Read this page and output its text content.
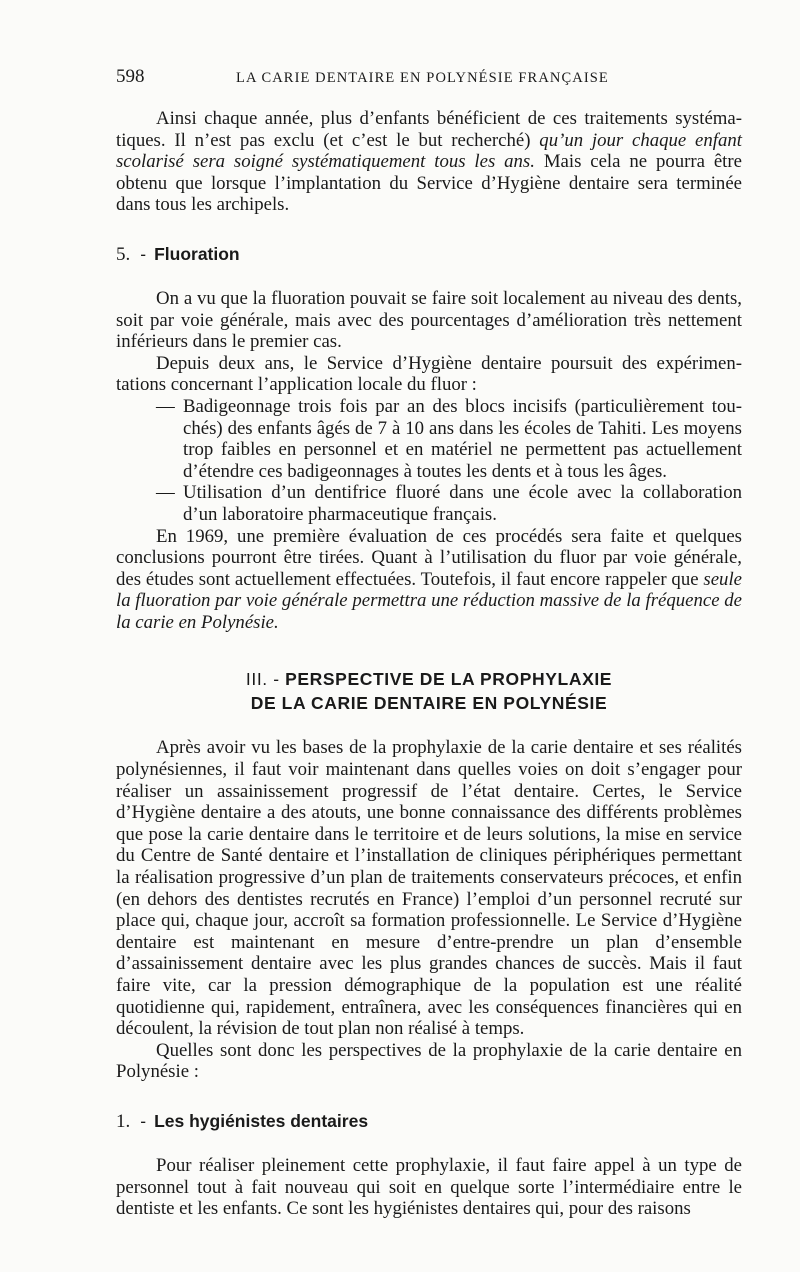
598	LA CARIE DENTAIRE EN POLYNÉSIE FRANÇAISE

Ainsi chaque année, plus d’enfants bénéficient de ces traitements systéma-tiques. Il n’est pas exclu (et c’est le but recherché) qu’un jour chaque enfant scolarisé sera soigné systématiquement tous les ans. Mais cela ne pourra être obtenu que lorsque l’implantation du Service d’Hygiène dentaire sera terminée dans tous les archipels.

5. - Fluoration

On a vu que la fluoration pouvait se faire soit localement au niveau des dents, soit par voie générale, mais avec des pourcentages d’amélioration très nettement inférieurs dans le premier cas.

Depuis deux ans, le Service d’Hygiène dentaire poursuit des expérimen-tations concernant l’application locale du fluor :

— Badigeonnage trois fois par an des blocs incisifs (particulièrement tou-chés) des enfants âgés de 7 à 10 ans dans les écoles de Tahiti. Les moyens trop faibles en personnel et en matériel ne permettent pas actuellement d’étendre ces badigeonnages à toutes les dents et à tous les âges.
— Utilisation d’un dentifrice fluoré dans une école avec la collaboration d’un laboratoire pharmaceutique français.

En 1969, une première évaluation de ces procédés sera faite et quelques conclusions pourront être tirées. Quant à l’utilisation du fluor par voie générale, des études sont actuellement effectuées. Toutefois, il faut encore rappeler que seule la fluoration par voie générale permettra une réduction massive de la fréquence de la carie en Polynésie.

III. - PERSPECTIVE DE LA PROPHYLAXIE
DE LA CARIE DENTAIRE EN POLYNÉSIE

Après avoir vu les bases de la prophylaxie de la carie dentaire et ses réalités polynésiennes, il faut voir maintenant dans quelles voies on doit s’engager pour réaliser un assainissement progressif de l’état dentaire. Certes, le Service d’Hygiène dentaire a des atouts, une bonne connaissance des différents problèmes que pose la carie dentaire dans le territoire et de leurs solutions, la mise en service du Centre de Santé dentaire et l’installation de cliniques périphériques permettant la réalisation progressive d’un plan de traitements conservateurs précoces, et enfin (en dehors des dentistes recrutés en France) l’emploi d’un personnel recruté sur place qui, chaque jour, accroît sa formation professionnelle. Le Service d’Hygiène dentaire est maintenant en mesure d’entre-prendre un plan d’ensemble d’assainissement dentaire avec les plus grandes chances de succès. Mais il faut faire vite, car la pression démographique de la population est une réalité quotidienne qui, rapidement, entraînera, avec les conséquences financières qui en découlent, la révision de tout plan non réalisé à temps.

Quelles sont donc les perspectives de la prophylaxie de la carie dentaire en Polynésie :

1. - Les hygiénistes dentaires

Pour réaliser pleinement cette prophylaxie, il faut faire appel à un type de personnel tout à fait nouveau qui soit en quelque sorte l’intermédiaire entre le dentiste et les enfants. Ce sont les hygiénistes dentaires qui, pour des raisons
